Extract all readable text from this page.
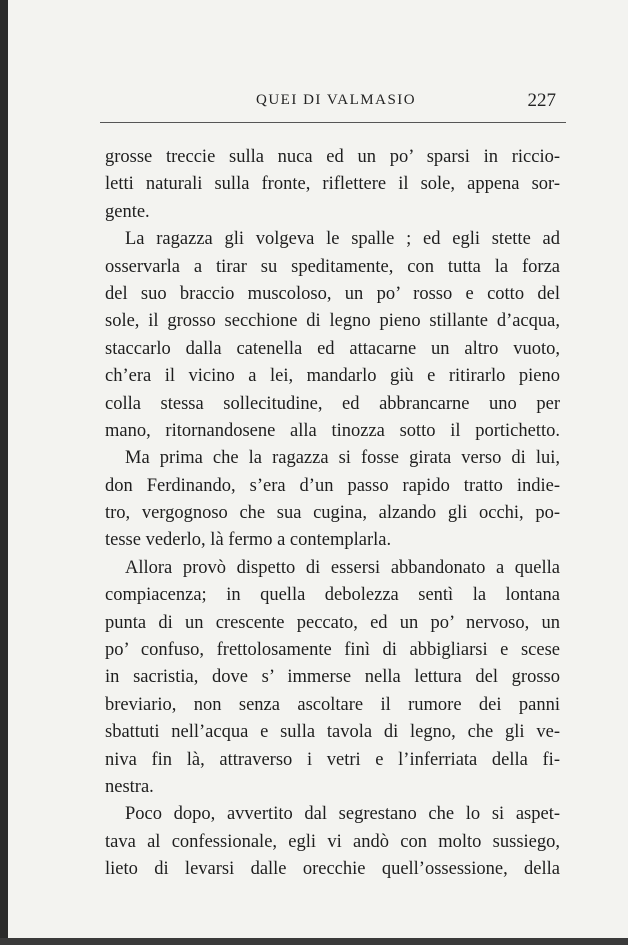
QUEI DI VALMASIO	227
grosse treccie sulla nuca ed un po’ sparsi in riccio-
letti naturali sulla fronte, riflettere il sole, appena sor-
gente.
La ragazza gli volgeva le spalle ; ed egli stette ad
osservarla a tirar su speditamente, con tutta la forza
del suo braccio muscoloso, un po’ rosso e cotto del
sole, il grosso secchione di legno pieno stillante d’acqua,
staccarlo dalla catenella ed attacarne un altro vuoto,
ch’era il vicino a lei, mandarlo giù e ritirarlo pieno
colla stessa sollecitudine, ed abbrancarne uno per
mano, ritornandosene alla tinozza sotto il portichetto.
Ma prima che la ragazza si fosse girata verso di lui,
don Ferdinando, s’era d’un passo rapido tratto indie-
tro, vergognoso che sua cugina, alzando gli occhi, po-
tesse vederlo, là fermo a contemplarla.
Allora provò dispetto di essersi abbandonato a quella
compiacenza; in quella debolezza sentì la lontana
punta di un crescente peccato, ed un po’ nervoso, un
po’ confuso, frettolosamente finì di abbigliarsi e scese
in sacristia, dove s’ immerse nella lettura del grosso
breviario, non senza ascoltare il rumore dei panni
sbattuti nell’acqua e sulla tavola di legno, che gli ve-
niva fin là, attraverso i vetri e l’inferriata della fi-
nestra.
Poco dopo, avvertito dal segrestano che lo si aspet-
tava al confessionale, egli vi andò con molto sussiego,
lieto di levarsi dalle orecchie quell’ossessione, della
